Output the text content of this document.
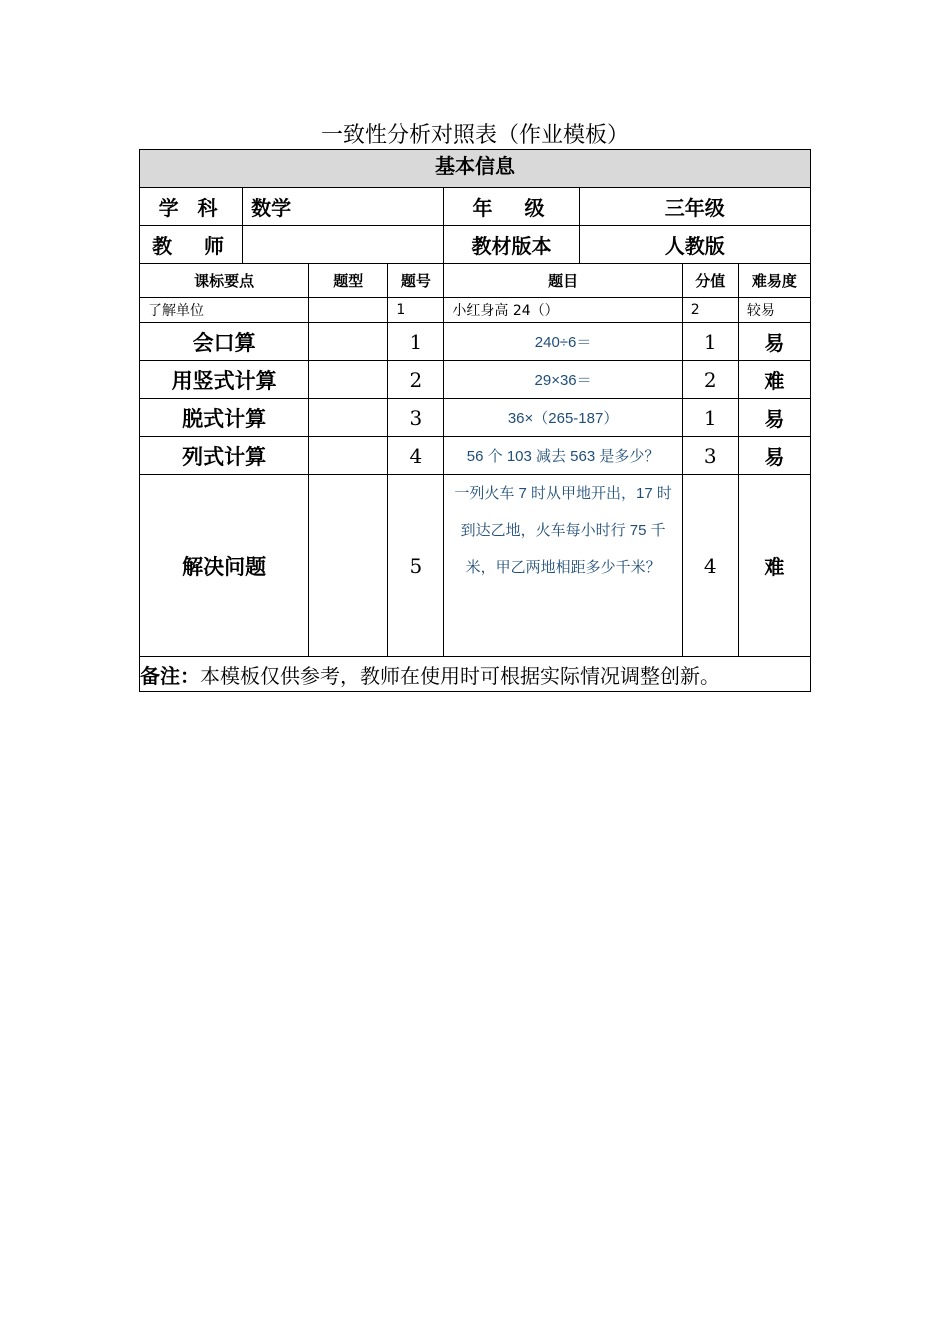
一致性分析对照表（作业模板）
基本信息							
学 科	数学			年　级	三年级		
教　师				教材版本	人教版		
课标要点		题型	题号	题目		分值	难易度
了解单位			1	小红身高 24（）		2	较易
会口算			1	240÷6＝		1	易
用竖式计算			2	29×36＝		2	难
脱式计算			3	36×（265-187）		1	易
列式计算			4	56 个 103 减去 563 是多少？		3	易
解决问题			5	一列火车 7 时从甲地开出，17 时到达乙地，火车每小时行 75 千米，甲乙两地相距多少千米？		4	难
备注：本模板仅供参考，教师在使用时可根据实际情况调整创新。							
